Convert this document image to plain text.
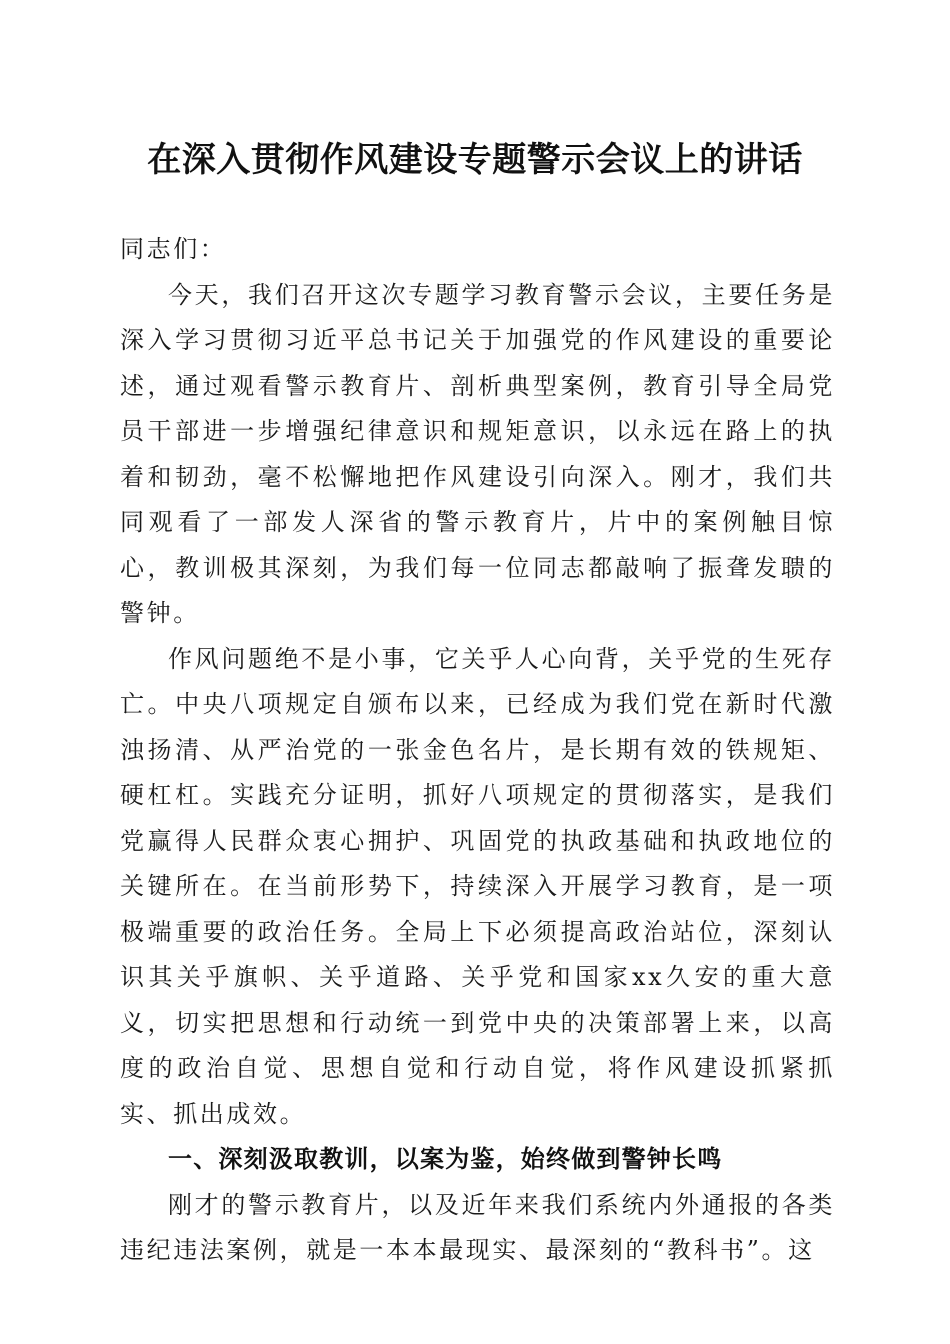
在深入贯彻作风建设专题警示会议上的讲话

同志们：

今天，我们召开这次专题学习教育警示会议，主要任务是深入学习贯彻习近平总书记关于加强党的作风建设的重要论述，通过观看警示教育片、剖析典型案例，教育引导全局党员干部进一步增强纪律意识和规矩意识，以永远在路上的执着和韧劲，毫不松懈地把作风建设引向深入。刚才，我们共同观看了一部发人深省的警示教育片，片中的案例触目惊心，教训极其深刻，为我们每一位同志都敲响了振聋发聩的警钟。

作风问题绝不是小事，它关乎人心向背，关乎党的生死存亡。中央八项规定自颁布以来，已经成为我们党在新时代激浊扬清、从严治党的一张金色名片，是长期有效的铁规矩、硬杠杠。实践充分证明，抓好八项规定的贯彻落实，是我们党赢得人民群众衷心拥护、巩固党的执政基础和执政地位的关键所在。在当前形势下，持续深入开展学习教育，是一项极端重要的政治任务。全局上下必须提高政治站位，深刻认识其关乎旗帜、关乎道路、关乎党和国家xx久安的重大意义，切实把思想和行动统一到党中央的决策部署上来，以高度的政治自觉、思想自觉和行动自觉，将作风建设抓紧抓实、抓出成效。

一、深刻汲取教训，以案为鉴，始终做到警钟长鸣

刚才的警示教育片，以及近年来我们系统内外通报的各类违纪违法案例，就是一本本最现实、最深刻的“教科书”。这
